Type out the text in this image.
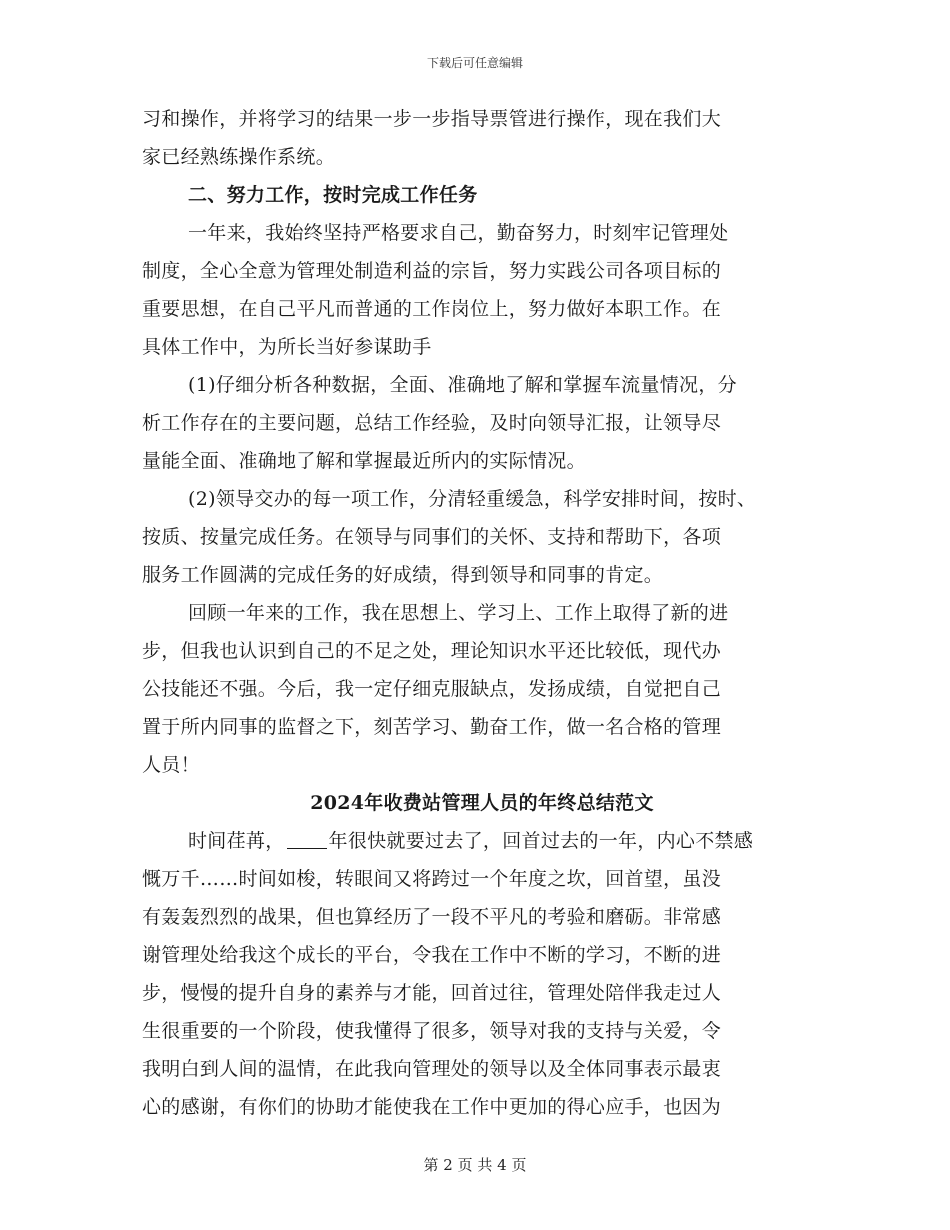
下载后可任意编辑
习和操作，并将学习的结果一步一步指导票管进行操作，现在我们大
家已经熟练操作系统。
二、努力工作，按时完成工作任务
一年来，我始终坚持严格要求自己，勤奋努力，时刻牢记管理处
制度，全心全意为管理处制造利益的宗旨，努力实践公司各项目标的
重要思想，在自己平凡而普通的工作岗位上，努力做好本职工作。在
具体工作中，为所长当好参谋助手
(1)仔细分析各种数据，全面、准确地了解和掌握车流量情况，分
析工作存在的主要问题，总结工作经验，及时向领导汇报，让领导尽
量能全面、准确地了解和掌握最近所内的实际情况。
(2)领导交办的每一项工作，分清轻重缓急，科学安排时间，按时、
按质、按量完成任务。在领导与同事们的关怀、支持和帮助下，各项
服务工作圆满的完成任务的好成绩，得到领导和同事的肯定。
回顾一年来的工作，我在思想上、学习上、工作上取得了新的进
步，但我也认识到自己的不足之处，理论知识水平还比较低，现代办
公技能还不强。今后，我一定仔细克服缺点，发扬成绩，自觉把自己
置于所内同事的监督之下，刻苦学习、勤奋工作，做一名合格的管理
人员！
2024年收费站管理人员的年终总结范文
时间荏苒， 年很快就要过去了，回首过去的一年，内心不禁感
慨万千……时间如梭，转眼间又将跨过一个年度之坎，回首望，虽没
有轰轰烈烈的战果，但也算经历了一段不平凡的考验和磨砺。非常感
谢管理处给我这个成长的平台，令我在工作中不断的学习，不断的进
步，慢慢的提升自身的素养与才能，回首过往，管理处陪伴我走过人
生很重要的一个阶段，使我懂得了很多，领导对我的支持与关爱，令
我明白到人间的温情，在此我向管理处的领导以及全体同事表示最衷
心的感谢，有你们的协助才能使我在工作中更加的得心应手，也因为
第 2 页 共 4 页
